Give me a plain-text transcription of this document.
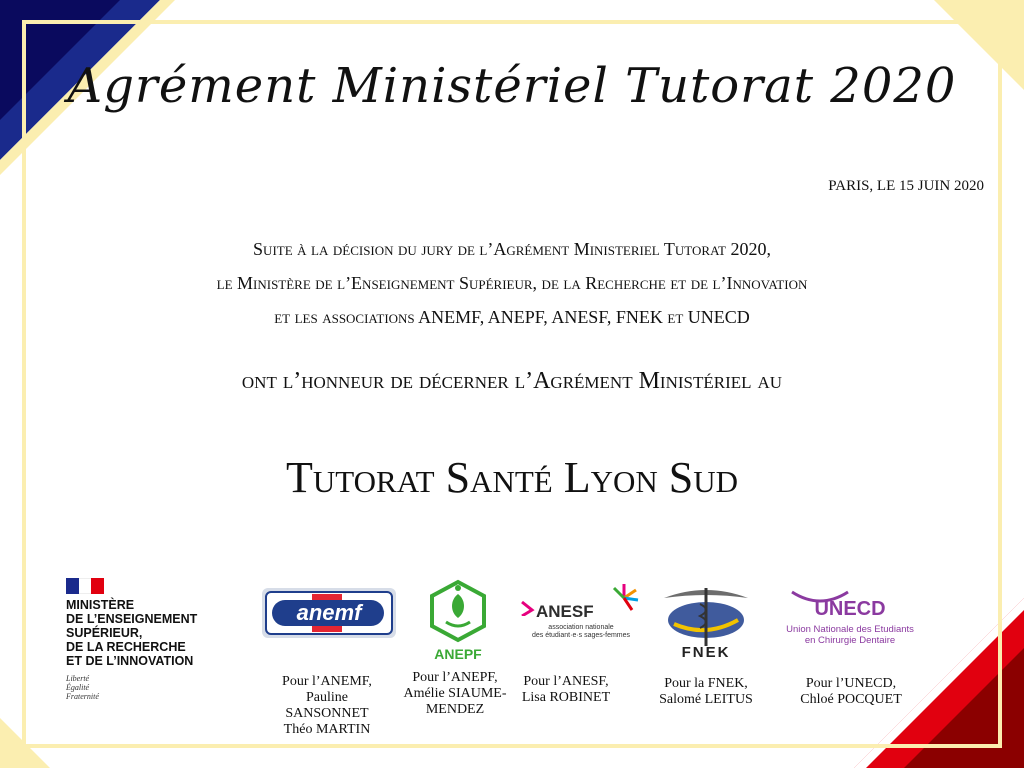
Agrément Ministériel Tutorat 2020
PARIS, LE 15 JUIN 2020
Suite à la décision du jury de l’Agrément Ministeriel Tutorat 2020,
le Ministère de l’Enseignement Supérieur, de la Recherche et de l’Innovation
et les associations ANEMF, ANEPF, ANESF, FNEK et UNECD
ont l’honneur de décerner l’Agrément Ministériel au
Tutorat Santé Lyon Sud
MINISTÈRE
DE L’ENSEIGNEMENT
SUPÉRIEUR,
DE LA RECHERCHE
ET DE L’INNOVATION
Liberté
Égalité
Fraternité
anemf
ANEPF
ANESF
association nationale
des étudiant·e·s sages-femmes
FNEK
UNECD
Union Nationale des Etudiants
en Chirurgie Dentaire
Pour l’ANEMF,
Pauline
SANSONNET
Théo MARTIN
Pour l’ANEPF,
Amélie SIAUME-
MENDEZ
Pour l’ANESF,
Lisa ROBINET
Pour la FNEK,
Salomé LEITUS
Pour l’UNECD,
Chloé POCQUET
